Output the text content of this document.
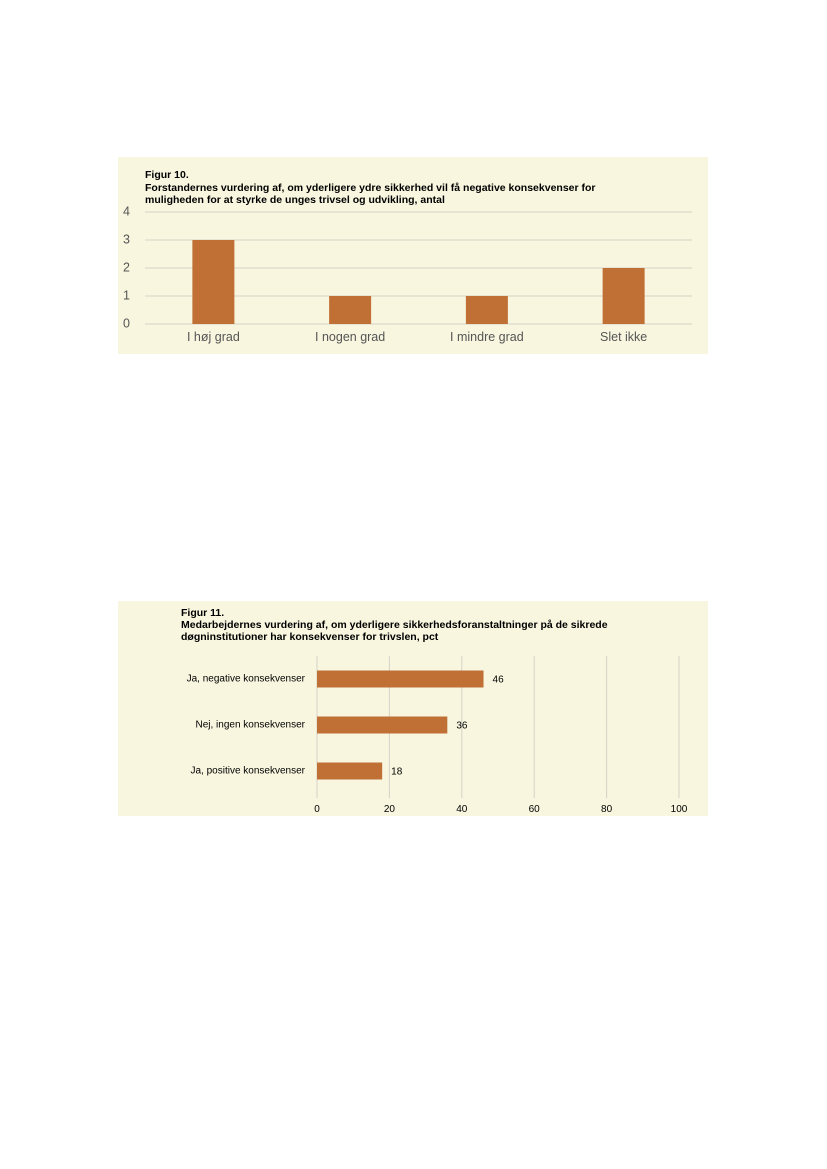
Figur 10.
Forstandernes vurdering af, om yderligere ydre sikkerhed vil få negative konsekvenser for
muligheden for at styrke de unges trivsel og udvikling, antal
0
1
2
3
4
I høj grad	I nogen grad	I mindre grad	Slet ikke
Figur 11.
Medarbejdernes vurdering af, om yderligere sikkerhedsforanstaltninger på de sikrede
døgninstitutioner har konsekvenser for trivslen, pct
0	20	40	60	80	100
Ja, negative konsekvenser	46
Nej, ingen konsekvenser	36
Ja, positive konsekvenser	18
